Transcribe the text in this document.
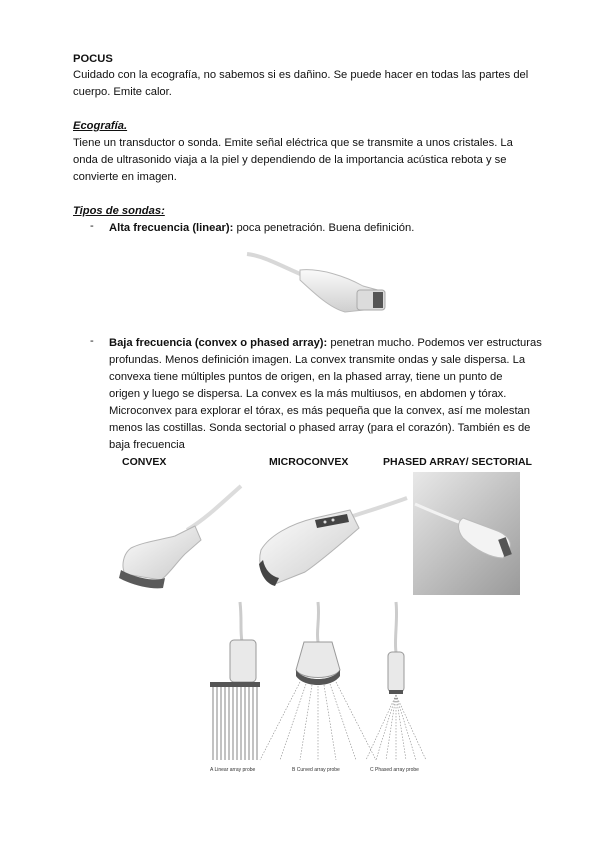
POCUS
Cuidado con la ecografía, no sabemos si es dañino. Se puede hacer en todas las partes del
cuerpo. Emite calor.
Ecografía.
Tiene un transductor o sonda. Emite señal eléctrica que se transmite a unos cristales. La
onda de ultrasonido viaja a la piel y dependiendo de la importancia acústica rebota y se
convierte en imagen.
Tipos de sondas:
- Alta frecuencia (linear): poca penetración. Buena definición.
- Baja frecuencia (convex o phased array): penetran mucho. Podemos ver estructuras
profundas. Menos definición imagen. La convex transmite ondas y sale dispersa. La
convexa tiene múltiples puntos de origen, en la phased array, tiene un punto de
origen y luego se dispersa. La convex es la más multiusos, en abdomen y tórax.
Microconvex para explorar el tórax, es más pequeña que la convex, así me molestan
menos las costillas. Sonda sectorial o phased array (para el corazón). También es de
baja frecuencia
CONVEX	MICROCONVEX	PHASED ARRAY/ SECTORIAL
A Linear array probe	B Curved array probe	C Phased array probe
